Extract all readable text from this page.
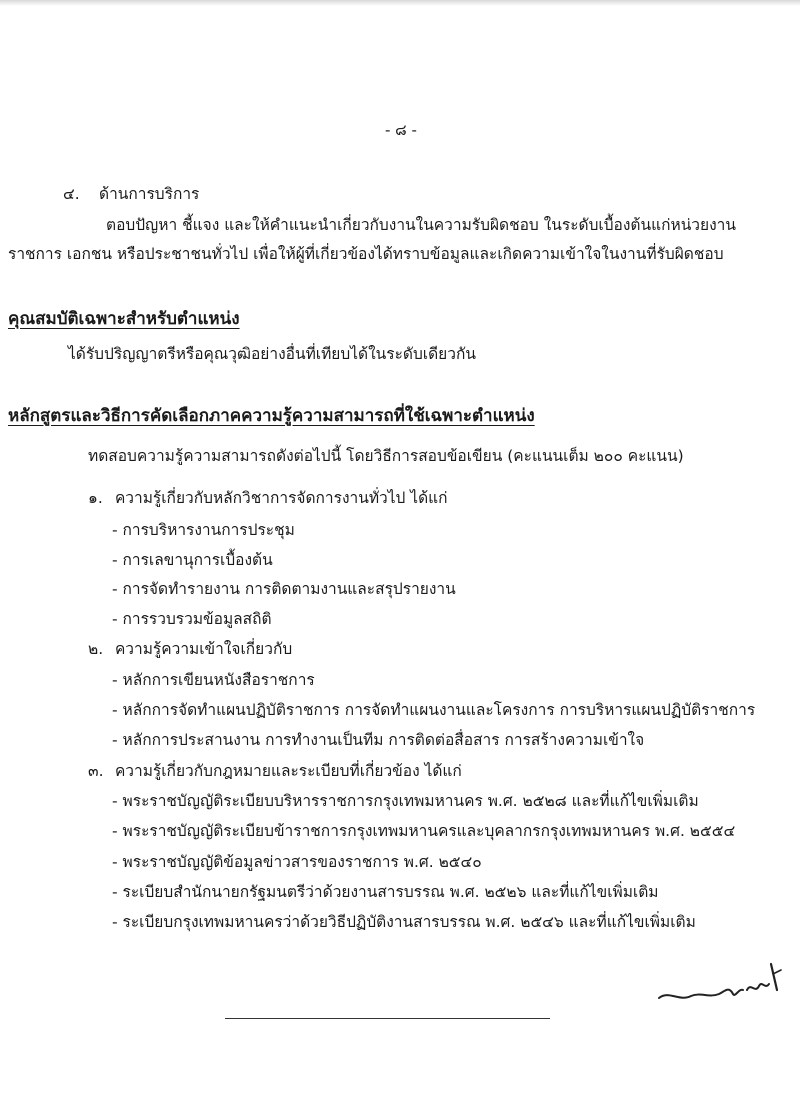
- ๘ -
๔. ด้านการบริการ
ตอบปัญหา ชี้แจง และให้คำแนะนำเกี่ยวกับงานในความรับผิดชอบ ในระดับเบื้องต้นแก่หน่วยงาน
ราชการ เอกชน หรือประชาชนทั่วไป เพื่อให้ผู้ที่เกี่ยวข้องได้ทราบข้อมูลและเกิดความเข้าใจในงานที่รับผิดชอบ
คุณสมบัติเฉพาะสำหรับตำแหน่ง
ได้รับปริญญาตรีหรือคุณวุฒิอย่างอื่นที่เทียบได้ในระดับเดียวกัน
หลักสูตรและวิธีการคัดเลือกภาคความรู้ความสามารถที่ใช้เฉพาะตำแหน่ง
ทดสอบความรู้ความสามารถดังต่อไปนี้ โดยวิธีการสอบข้อเขียน (คะแนนเต็ม ๒๐๐ คะแนน)
๑. ความรู้เกี่ยวกับหลักวิชาการจัดการงานทั่วไป ได้แก่
- การบริหารงานการประชุม
- การเลขานุการเบื้องต้น
- การจัดทำรายงาน การติดตามงานและสรุปรายงาน
- การรวบรวมข้อมูลสถิติ
๒. ความรู้ความเข้าใจเกี่ยวกับ
- หลักการเขียนหนังสือราชการ
- หลักการจัดทำแผนปฏิบัติราชการ การจัดทำแผนงานและโครงการ การบริหารแผนปฏิบัติราชการ
- หลักการประสานงาน การทำงานเป็นทีม การติดต่อสื่อสาร การสร้างความเข้าใจ
๓. ความรู้เกี่ยวกับกฎหมายและระเบียบที่เกี่ยวข้อง ได้แก่
- พระราชบัญญัติระเบียบบริหารราชการกรุงเทพมหานคร พ.ศ. ๒๕๒๘ และที่แก้ไขเพิ่มเติม
- พระราชบัญญัติระเบียบข้าราชการกรุงเทพมหานครและบุคลากรกรุงเทพมหานคร พ.ศ. ๒๕๕๔
- พระราชบัญญัติข้อมูลข่าวสารของราชการ พ.ศ. ๒๕๔๐
- ระเบียบสำนักนายกรัฐมนตรีว่าด้วยงานสารบรรณ พ.ศ. ๒๕๒๖ และที่แก้ไขเพิ่มเติม
- ระเบียบกรุงเทพมหานครว่าด้วยวิธีปฏิบัติงานสารบรรณ พ.ศ. ๒๕๔๖ และที่แก้ไขเพิ่มเติม
